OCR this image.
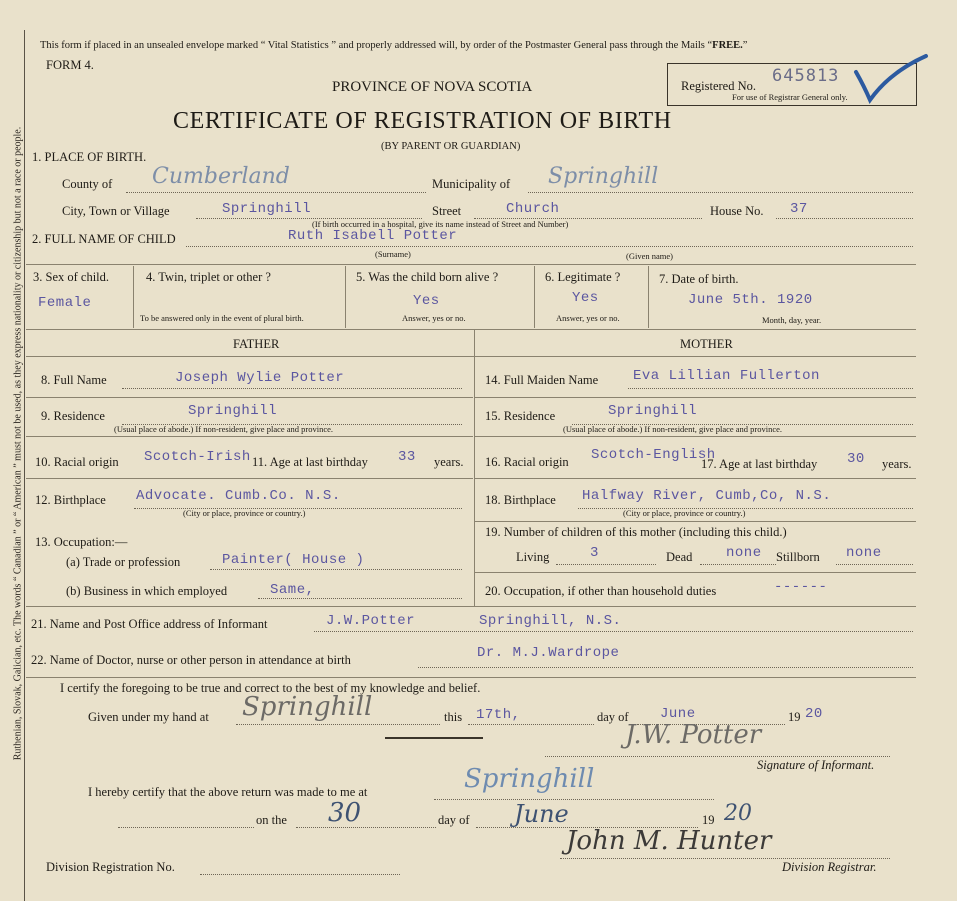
Ruthenian, Slovak, Galician, etc. The words “ Canadian ” or “ American ” must not be used, as they express nationality or citizenship but not a race or people.
This form if placed in an unsealed envelope marked “ Vital Statistics ” and properly addressed will, by order of the Postmaster General pass through the Mails “FREE.”
FORM 4.
PROVINCE OF NOVA SCOTIA
CERTIFICATE OF REGISTRATION OF BIRTH
(BY PARENT OR GUARDIAN)
Registered No. 645813
For use of Registrar General only.
1. PLACE OF BIRTH.
County of Cumberland	Municipality of Springhill
City, Town or Village	Springhill	Street	Church	House No. 37
(If birth occurred in a hospital, give its name instead of Street and Number)
2. FULL NAME OF CHILD	Ruth Isabell Potter
(Surname)	(Given name)
3. Sex of child.
Female
4. Twin, triplet or other ?
To be answered only in the event of plural birth.
5. Was the child born alive ?
Yes
Answer, yes or no.
6. Legitimate ?
Yes
Answer, yes or no.
7. Date of birth.
June 5th. 1920
Month, day, year.
FATHER	MOTHER
8. Full Name	Joseph Wylie Potter
9. Residence	Springhill
(Usual place of abode.) If non-resident, give place and province.
10. Racial origin Scotch-Irish 11. Age at last birthday 33 years.
12. Birthplace Advocate. Cumb.Co. N.S.
(City or place, province or country.)
13. Occupation:—
(a) Trade or profession	Painter( House )
(b) Business in which employed	Same,
14. Full Maiden Name Eva Lillian Fullerton
15. Residence	Springhill
(Usual place of abode.) If non-resident, give place and province.
16. Racial origin Scotch-English
17. Age at last birthday 30 years.
18. Birthplace Halfway River, Cumb,Co, N.S.
(City or place, province or country.)
19. Number of children of this mother (including this child.)
Living	3	Dead none Stillborn none
20. Occupation, if other than household duties	------
21. Name and Post Office address of Informant	J.W.Potter	Springhill, N.S.
22. Name of Doctor, nurse or other person in attendance at birth	Dr. M.J.Wardrope
I certify the foregoing to be true and correct to the best of my knowledge and belief.
Given under my hand at Springhill	this 17th,	day of June	19 20
J.W. Potter
Signature of Informant.
I hereby certify that the above return was made to me at	Springhill
on the 30	day of June	19 20
Division Registration No.
John M. Hunter
Division Registrar.
